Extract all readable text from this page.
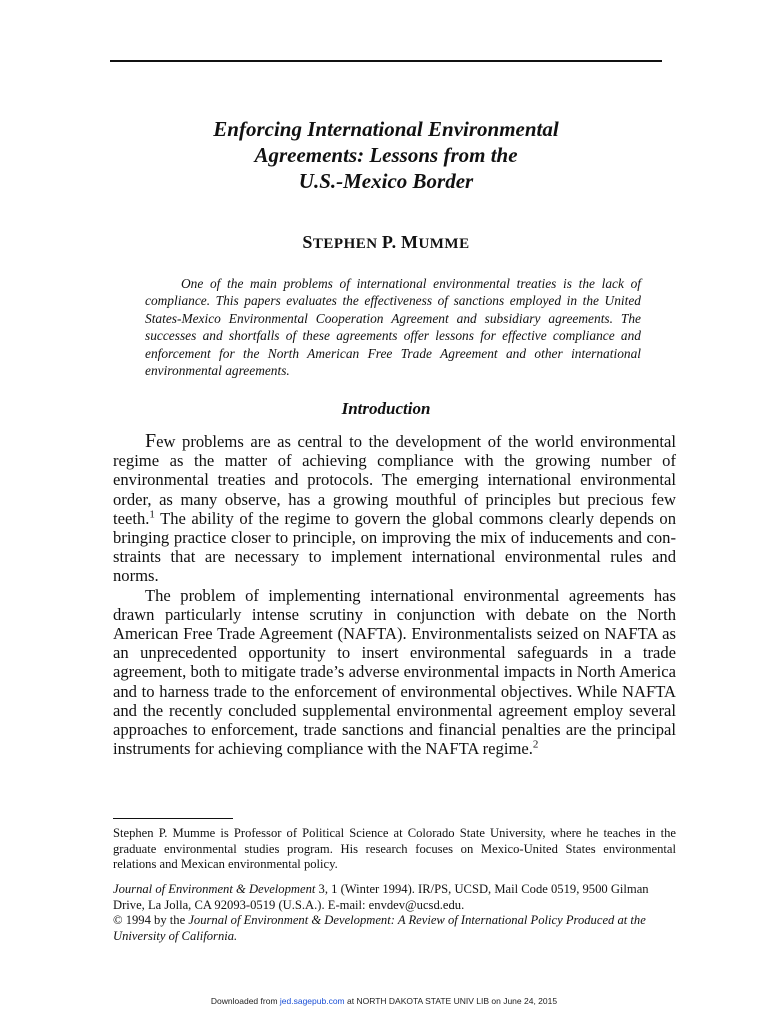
Enforcing International Environmental
Agreements: Lessons from the
U.S.-Mexico Border
STEPHEN P. MUMME

One of the main problems of international environmental treaties is the lack of compliance. This papers evaluates the effectiveness of sanctions employed in the United States-Mexico Environmental Cooperation Agreement and subsidiary agreements. The successes and shortfalls of these agreements offer lessons for effective compliance and enforcement for the North American Free Trade Agreement and other international environmental agreements.

Introduction

Few problems are as central to the development of the world environmental regime as the matter of achieving compliance with the growing number of environmental treaties and protocols. The emerging international environmental order, as many observe, has a growing mouthful of principles but precious few teeth.$^1$ The ability of the regime to govern the global commons clearly depends on bringing practice closer to principle, on improving the mix of inducements and constraints that are necessary to implement international environmental rules and norms.

The problem of implementing international environmental agreements has drawn particularly intense scrutiny in conjunction with debate on the North American Free Trade Agreement (NAFTA). Environmentalists seized on NAFTA as an unprecedented opportunity to insert environmental safeguards in a trade agreement, both to mitigate trade’s adverse environmental impacts in North America and to harness trade to the enforcement of environmental objectives. While NAFTA and the recently concluded supplemental environmental agreement employ several approaches to enforcement, trade sanctions and financial penalties are the principal instruments for achieving compliance with the NAFTA regime.$^2$

Stephen P. Mumme is Professor of Political Science at Colorado State University, where he teaches in the graduate environmental studies program. His research focuses on Mexico-United States environmental relations and Mexican environmental policy.

Journal of Environment & Development 3, 1 (Winter 1994). IR/PS, UCSD, Mail Code 0519, 9500 Gilman Drive, La Jolla, CA 92093-0519 (U.S.A.). E-mail: envdev@ucsd.edu.
© 1994 by the Journal of Environment & Development: A Review of International Policy Produced at the University of California.

Downloaded from jed.sagepub.com at NORTH DAKOTA STATE UNIV LIB on June 24, 2015
